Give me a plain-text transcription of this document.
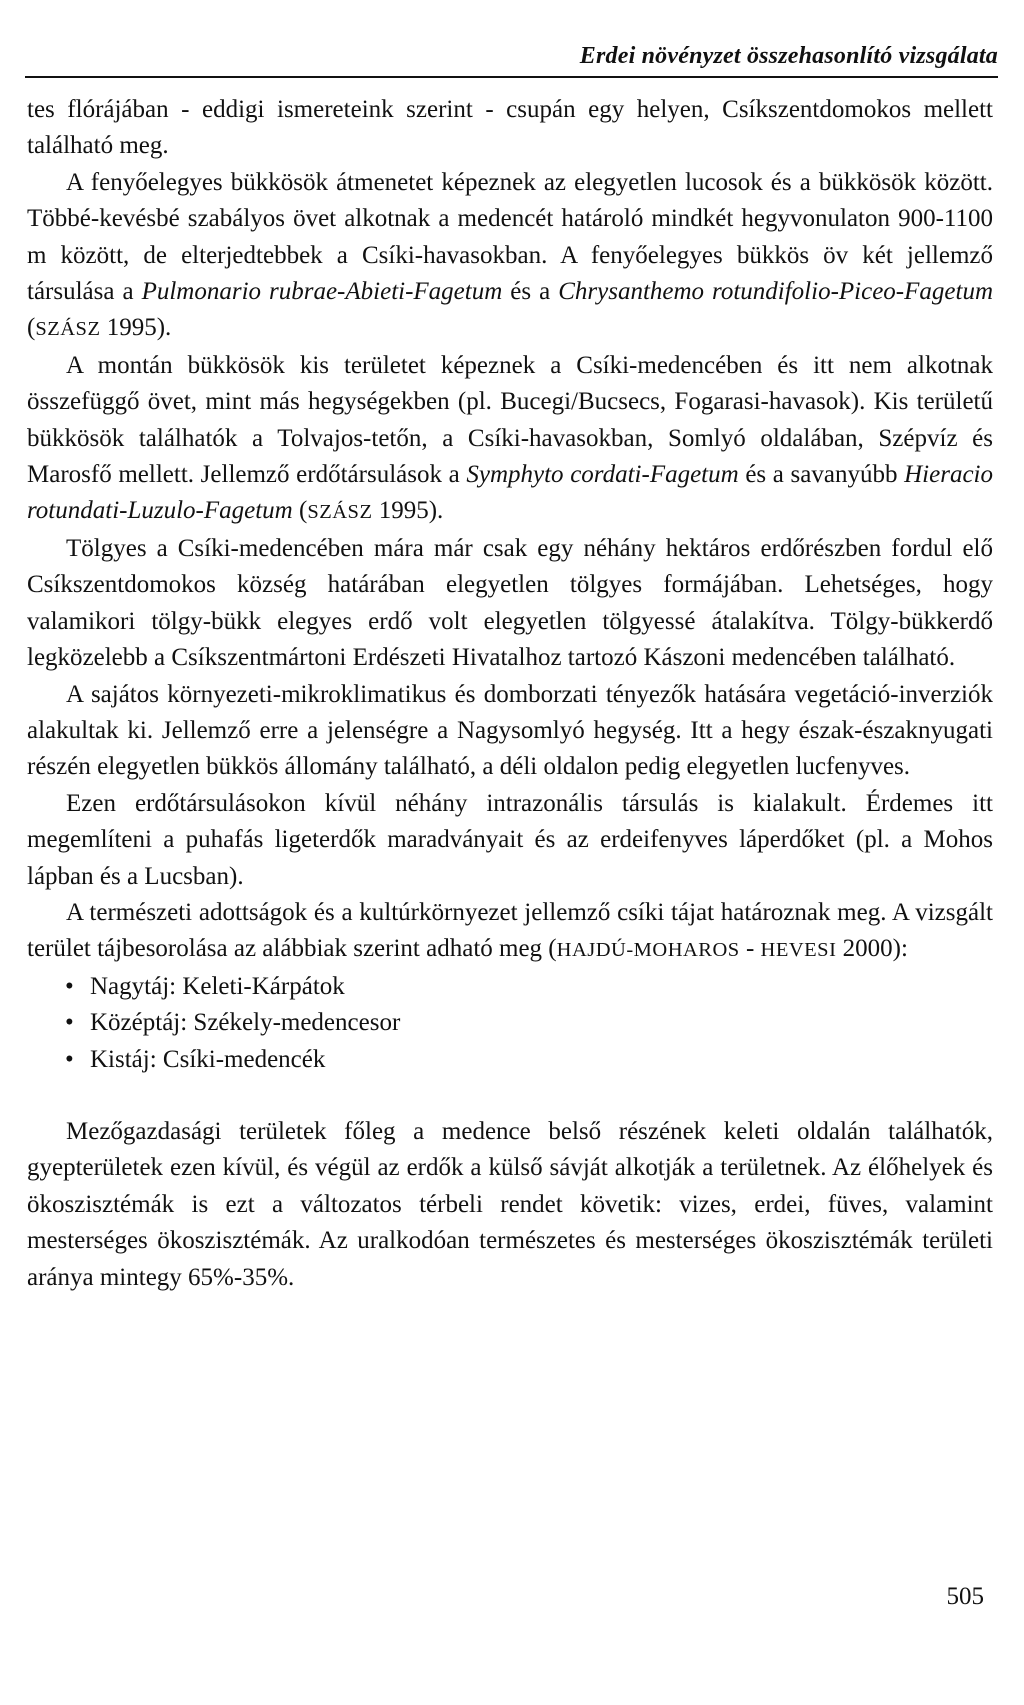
Erdei növényzet összehasonlító vizsgálata

tes flórájában - eddigi ismereteink szerint - csupán egy helyen, Csíkszentdomokos mellett található meg.

A fenyőelegyes bükkösök átmenetet képeznek az elegyetlen lucosok és a bükkösök között. Többé-kevésbé szabályos övet alkotnak a medencét határoló mindkét hegyvonulaton 900-1100 m között, de elterjedtebbek a Csíki-havasokban. A fenyőelegyes bükkös öv két jellemző társulása a Pulmonario rubrae-Abieti-Fagetum és a Chrysanthemo rotundifolio-Piceo-Fagetum (SZÁSZ 1995).

A montán bükkösök kis területet képeznek a Csíki-medencében és itt nem alkotnak összefüggő övet, mint más hegységekben (pl. Bucegi/Bucsecs, Fogarasi-havasok). Kis területű bükkösök találhatók a Tolvajos-tetőn, a Csíki-havasokban, Somlyó oldalában, Szépvíz és Marosfő mellett. Jellemző erdőtársulások a Symphyto cordati-Fagetum és a savanyúbb Hieracio rotundati-Luzulo-Fagetum (SZÁSZ 1995).

Tölgyes a Csíki-medencében mára már csak egy néhány hektáros erdőrészben fordul elő Csíkszentdomokos község határában elegyetlen tölgyes formájában. Lehetséges, hogy valamikori tölgy-bükk elegyes erdő volt elegyetlen tölgyessé átalakítva. Tölgy-bükkerdő legközelebb a Csíkszentmártoni Erdészeti Hivatalhoz tartozó Kászoni medencében található.

A sajátos környezeti-mikroklimatikus és domborzati tényezők hatására vegetáció-inverziók alakultak ki. Jellemző erre a jelenségre a Nagysomlyó hegység. Itt a hegy észak-északnyugati részén elegyetlen bükkös állomány található, a déli oldalon pedig elegyetlen lucfenyves.

Ezen erdőtársulásokon kívül néhány intrazonális társulás is kialakult. Érdemes itt megemlíteni a puhafás ligeterdők maradványait és az erdeifenyves láperdőket (pl. a Mohos lápban és a Lucsban).

A természeti adottságok és a kultúrkörnyezet jellemző csíki tájat határoznak meg. A vizsgált terület tájbesorolása az alábbiak szerint adható meg (HAJDÚ-MOHAROS - HEVESI 2000):

• Nagytáj: Keleti-Kárpátok
• Középtáj: Székely-medencesor
• Kistáj: Csíki-medencék

Mezőgazdasági területek főleg a medence belső részének keleti oldalán találhatók, gyepterületek ezen kívül, és végül az erdők a külső sávját alkotják a területnek. Az élőhelyek és ökoszisztémák is ezt a változatos térbeli rendet követik: vizes, erdei, füves, valamint mesterséges ökoszisztémák. Az uralkodóan természetes és mesterséges ökoszisztémák területi aránya mintegy 65%-35%.

505
